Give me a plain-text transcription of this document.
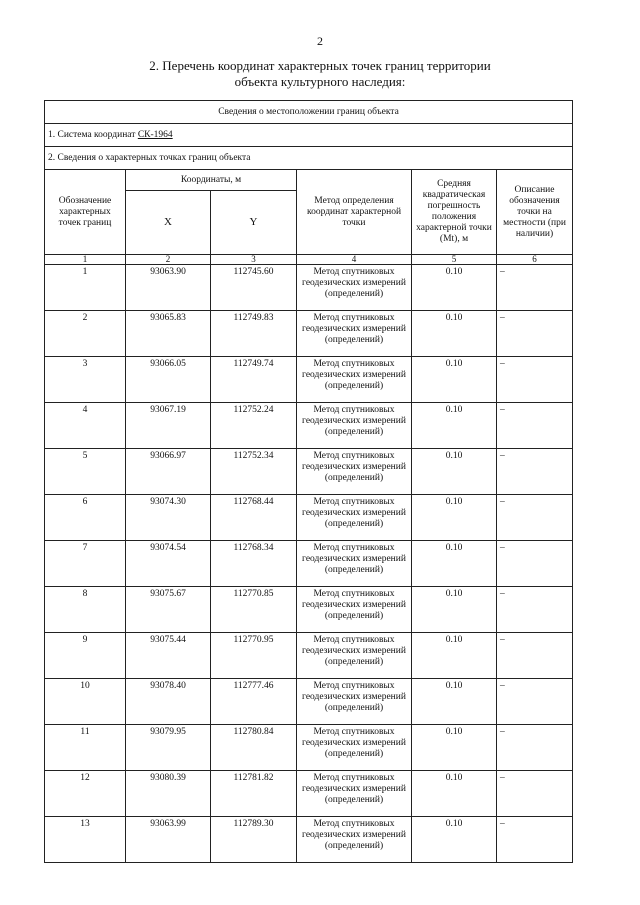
2
2. Перечень координат характерных точек границ территории
объекта культурного наследия:
Сведения о местоположении границ объекта					
1. Система координат СК-1964					
2. Сведения о характерных точках границ объекта					
Обозначение характерных точек границ	Координаты, м		Метод определения координат характерной точки	Средняя квадратическая погрешность положения характерной точки (Мt), м	Описание обозначения точки на местности (при наличии)
	X	Y			
1	2	3	4	5	6
1	93063.90	112745.60	Метод спутниковых геодезических измерений (определений)	0.10	–
2	93065.83	112749.83	Метод спутниковых геодезических измерений (определений)	0.10	–
3	93066.05	112749.74	Метод спутниковых геодезических измерений (определений)	0.10	–
4	93067.19	112752.24	Метод спутниковых геодезических измерений (определений)	0.10	–
5	93066.97	112752.34	Метод спутниковых геодезических измерений (определений)	0.10	–
6	93074.30	112768.44	Метод спутниковых геодезических измерений (определений)	0.10	–
7	93074.54	112768.34	Метод спутниковых геодезических измерений (определений)	0.10	–
8	93075.67	112770.85	Метод спутниковых геодезических измерений (определений)	0.10	–
9	93075.44	112770.95	Метод спутниковых геодезических измерений (определений)	0.10	–
10	93078.40	112777.46	Метод спутниковых геодезических измерений (определений)	0.10	–
11	93079.95	112780.84	Метод спутниковых геодезических измерений (определений)	0.10	–
12	93080.39	112781.82	Метод спутниковых геодезических измерений (определений)	0.10	–
13	93063.99	112789.30	Метод спутниковых геодезических измерений (определений)	0.10	–
